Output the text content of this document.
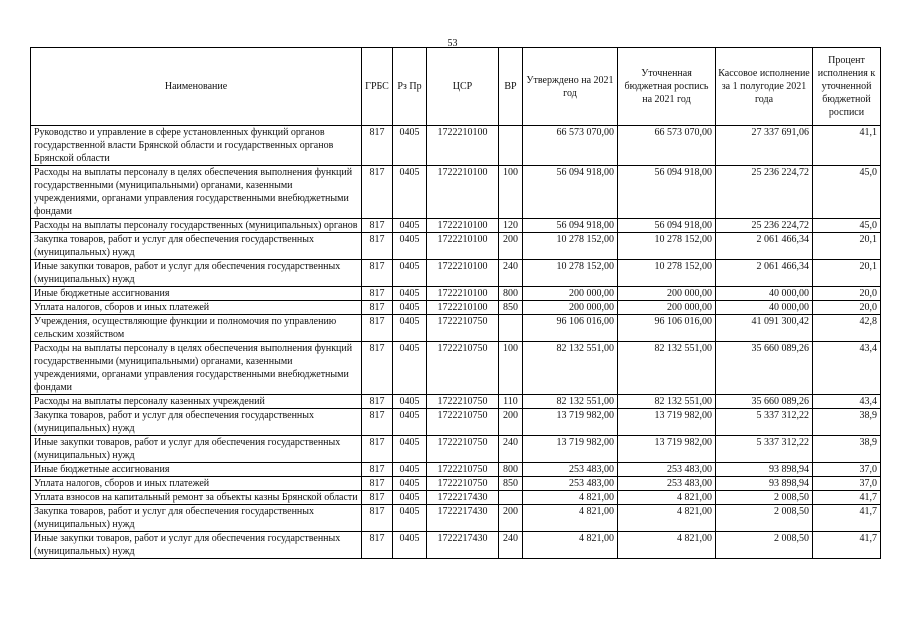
53
Наименование	ГРБС	Рз Пр	ЦСР	ВР	Утверждено на 2021 год	Уточненная бюджетная роспись на 2021 год	Кассовое исполнение за 1 полугодие 2021 года	Процент исполнения к уточненной бюджетной росписи
Руководство и управление в сфере установленных функций органов государственной власти Брянской области и государственных органов Брянской области	817	0405	1722210100		66 573 070,00	66 573 070,00	27 337 691,06	41,1
Расходы на выплаты персоналу в целях обеспечения выполнения функций государственными (муниципальными) органами, казенными учреждениями, органами управления государственными внебюджетными фондами	817	0405	1722210100	100	56 094 918,00	56 094 918,00	25 236 224,72	45,0
Расходы на выплаты персоналу государственных (муниципальных) органов	817	0405	1722210100	120	56 094 918,00	56 094 918,00	25 236 224,72	45,0
Закупка товаров, работ и услуг для обеспечения государственных (муниципальных) нужд	817	0405	1722210100	200	10 278 152,00	10 278 152,00	2 061 466,34	20,1
Иные закупки товаров, работ и услуг для обеспечения государственных (муниципальных) нужд	817	0405	1722210100	240	10 278 152,00	10 278 152,00	2 061 466,34	20,1
Иные бюджетные ассигнования	817	0405	1722210100	800	200 000,00	200 000,00	40 000,00	20,0
Уплата налогов, сборов и иных платежей	817	0405	1722210100	850	200 000,00	200 000,00	40 000,00	20,0
Учреждения, осуществляющие функции и полномочия по управлению сельским хозяйством	817	0405	1722210750		96 106 016,00	96 106 016,00	41 091 300,42	42,8
Расходы на выплаты персоналу в целях обеспечения выполнения функций государственными (муниципальными) органами, казенными учреждениями, органами управления государственными внебюджетными фондами	817	0405	1722210750	100	82 132 551,00	82 132 551,00	35 660 089,26	43,4
Расходы на выплаты персоналу казенных учреждений	817	0405	1722210750	110	82 132 551,00	82 132 551,00	35 660 089,26	43,4
Закупка товаров, работ и услуг для обеспечения государственных (муниципальных) нужд	817	0405	1722210750	200	13 719 982,00	13 719 982,00	5 337 312,22	38,9
Иные закупки товаров, работ и услуг для обеспечения государственных (муниципальных) нужд	817	0405	1722210750	240	13 719 982,00	13 719 982,00	5 337 312,22	38,9
Иные бюджетные ассигнования	817	0405	1722210750	800	253 483,00	253 483,00	93 898,94	37,0
Уплата налогов, сборов и иных платежей	817	0405	1722210750	850	253 483,00	253 483,00	93 898,94	37,0
Уплата взносов на капитальный ремонт за объекты казны Брянской области	817	0405	1722217430		4 821,00	4 821,00	2 008,50	41,7
Закупка товаров, работ и услуг для обеспечения государственных (муниципальных) нужд	817	0405	1722217430	200	4 821,00	4 821,00	2 008,50	41,7
Иные закупки товаров, работ и услуг для обеспечения государственных (муниципальных) нужд	817	0405	1722217430	240	4 821,00	4 821,00	2 008,50	41,7
